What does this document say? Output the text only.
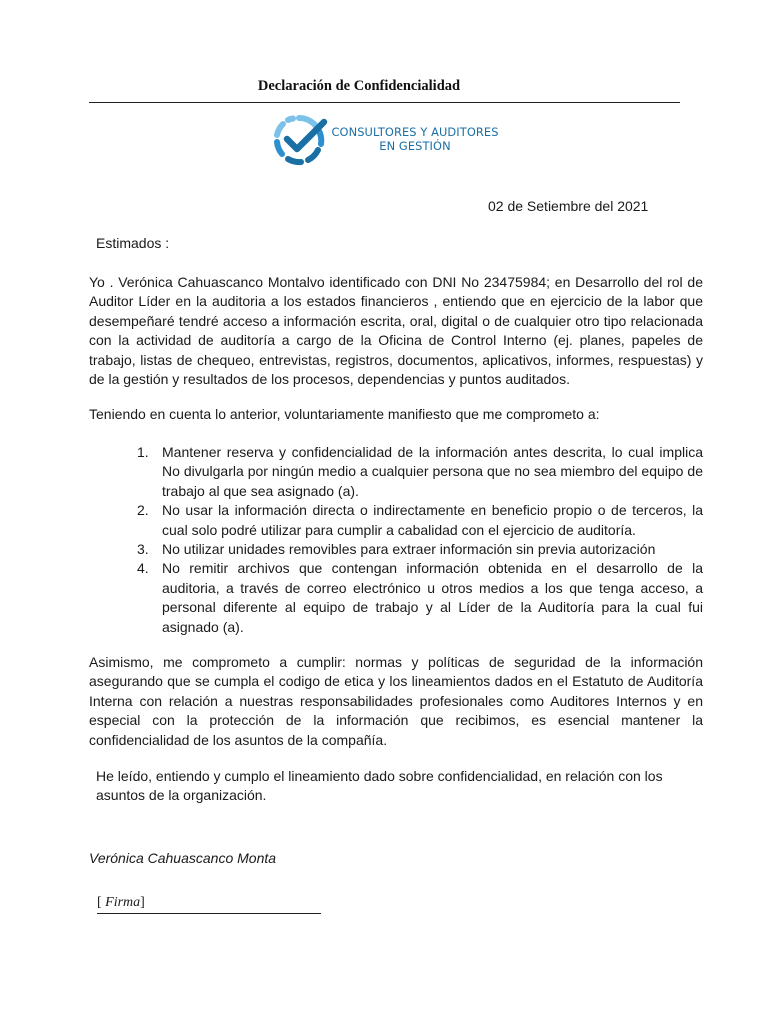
Declaración de Confidencialidad
CONSULTORES Y AUDITORES
EN GESTIÓN
02 de Setiembre del 2021
Estimados :
Yo . Verónica Cahuascanco Montalvo identificado con DNI No 23475984; en Desarrollo del rol de Auditor Líder en la auditoria a los estados financieros , entiendo que en ejercicio de la labor que desempeñaré tendré acceso a información escrita, oral, digital o de cualquier otro tipo relacionada con la actividad de auditoría a cargo de la Oficina de Control Interno (ej. planes, papeles de trabajo, listas de chequeo, entrevistas, registros, documentos, aplicativos, informes, respuestas) y de la gestión y resultados de los procesos, dependencias y puntos auditados.
Teniendo en cuenta lo anterior, voluntariamente manifiesto que me comprometo a:
1. Mantener reserva y confidencialidad de la información antes descrita, lo cual implica No divulgarla por ningún medio a cualquier persona que no sea miembro del equipo de trabajo al que sea asignado (a).
2. No usar la información directa o indirectamente en beneficio propio o de terceros, la cual solo podré utilizar para cumplir a cabalidad con el ejercicio de auditoría.
3. No utilizar unidades removibles para extraer información sin previa autorización
4. No remitir archivos que contengan información obtenida en el desarrollo de la auditoria, a través de correo electrónico u otros medios a los que tenga acceso, a personal diferente al equipo de trabajo y al Líder de la Auditoría para la cual fui asignado (a).
Asimismo, me comprometo a cumplir: normas y políticas de seguridad de la información asegurando que se cumpla el codigo de etica y los lineamientos dados en el Estatuto de Auditoría Interna con relación a nuestras responsabilidades profesionales como Auditores Internos y en especial con la protección de la información que recibimos, es esencial mantener la confidencialidad de los asuntos de la compañía.
He leído, entiendo y cumplo el lineamiento dado sobre confidencialidad, en relación con los asuntos de la organización.
Verónica Cahuascanco Monta
[ Firma]
